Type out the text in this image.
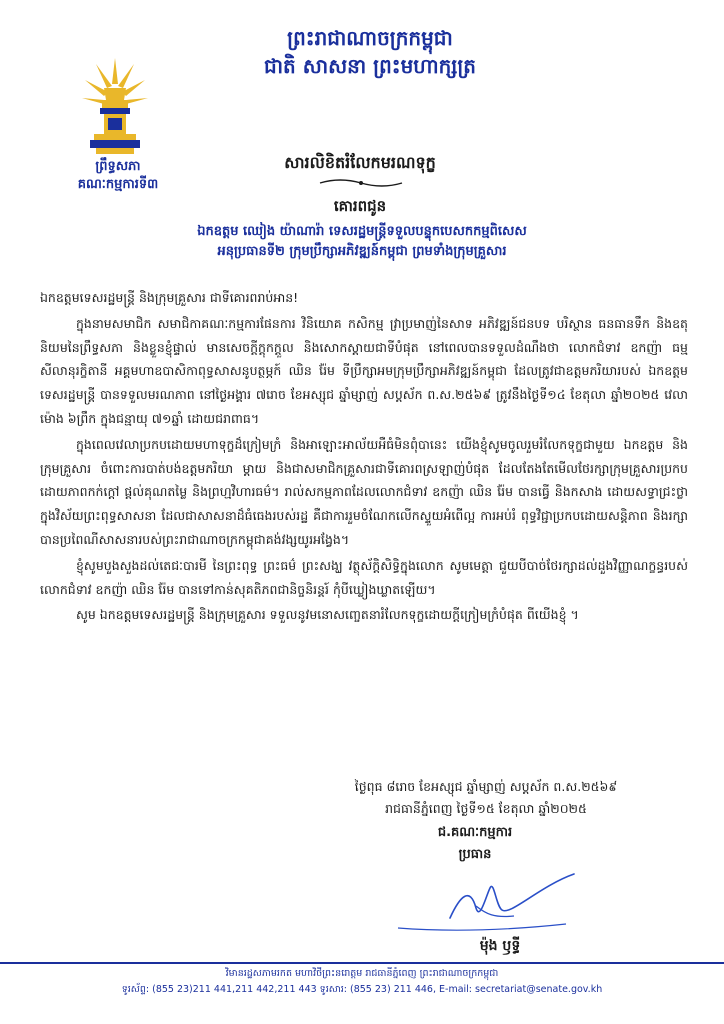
ព្រះរាជាណាចក្រកម្ពុជា
ជាតិ សាសនា ព្រះមហាក្សត្រ
ព្រឹទ្ធសភា
គណៈកម្មការទី៣
សារលិខិតរំលែកមរណទុក្ខ
គោរពជូន
ឯកឧត្តម ឈៀង យ៉ាណារ៉ា ទេសរដ្ឋមន្ត្រីទទួលបន្ទុកបេសកកម្មពិសេស
អនុប្រធានទី២ ក្រុមប្រឹក្សាអភិវឌ្ឍន៍កម្ពុជា ព្រមទាំងក្រុមគ្រួសារ

ឯកឧត្តមទេសរដ្ឋមន្ត្រី និងក្រុមគ្រួសារ ជាទីគោរពរាប់អាន!

ក្នុងនាមសមាជិក សមាជិកាគណៈកម្មការផែនការ វិនិយោគ កសិកម្ម វ្រាប្រមាញ់នៃសាទ អភិវឌ្ឍន៍ជនបទ បរិស្ថាន ធនធានទឹក និងឧតុនិយមនៃព្រឹទ្ធសភា និងខ្លួនខ្ញុំផ្ទាល់ មានសេចក្តីក្តុកក្តួល និងសោកស្តាយជាទីបំផុត នៅពេលបានទទួលដំណឹងថា លោកជំទាវ ឧកញ៉ា ធម្មសីលានុរក្ខិតានី អគ្គមហាឧបាសិកាពុទ្ធសាសនូបត្ថម្ភក៍ ឈិន រ៉ែម ទីប្រឹក្សាអមក្រុមប្រឹក្សាអភិវឌ្ឍន៍កម្ពុជា ដែលត្រូវជាឧត្តមភរិយារបស់ ឯកឧត្តមទេសរដ្ឋមន្ត្រី បានទទួលមរណភាព នៅថ្ងៃអង្គារ ៧រោច ខែអស្សុជ ឆ្នាំម្សាញ់ សប្តស័ក ព.ស.២៥៦៩ ត្រូវនឹងថ្ងៃទី១៤ ខែតុលា ឆ្នាំ២០២៥ វេលាម៉ោង ៦ព្រឹក ក្នុងជន្មាយុ ៧១ឆ្នាំ ដោយជរាពាធ។

ក្នុងពេលវេលាប្រកបដោយមហាទុក្ខដ៏ក្រៀមក្រំ និងអាឡោះអាល័យអឺធំមិនពុំបានេះ យើងខ្ញុំសូមចូលរួមរំលែកទុក្ខជាមួយ ឯកឧត្តម និងក្រុមគ្រួសារ ចំពោះការបាត់បង់ឧត្តមភរិយា ម្តាយ និងជាសមាជិកគ្រួសារជាទីគោរពស្រឡាញ់បំផុត ដែលតែងតែមើលថែរក្សាក្រុមគ្រួសារប្រកបដោយភាពកក់ក្តៅ ផ្តល់គុណតម្លៃ និងព្រហ្មវិហារធម៌។ រាល់សកម្មភាពដែលលោកជំទាវ ឧកញ៉ា ឈិន រ៉ែម បានធ្វើ និងកសាង ដោយសទ្ធាជ្រះថ្លាក្នុងវិស័យព្រះពុទ្ធសាសនា ដែលជាសាសនាដ៏ធំធេងរបស់រដ្ឋ គឺជាការរួមចំណែកលើកស្ទួយអំពើល្អ ការអប់រំ ពុទ្ធវិជ្ជាប្រកបដោយសន្តិភាព និងរក្សាបានប្រពៃណីសាសនារបស់ព្រះរាជាណាចក្រកម្ពុជាគង់វង្សយូរអង្វែង។

ខ្ញុំសូមបួងសួងដល់តេជៈបារមី នៃព្រះពុទ្ធ ព្រះធម៌ ព្រះសង្ឃ វត្ថុស័ក្តិសិទ្ធិក្នុងលោក សូមមេត្តា ជួយបីបាច់ថែរក្សាដល់ដួងវិញ្ញាណក្ខន្ធរបស់ លោកជំទាវ ឧកញ៉ា ឈិន រ៉ែម បានទៅកាន់សុគតិភពជានិច្ចនិរន្តរ៍ កុំបីឃ្លៀងឃ្លាតឡើយ។

សូម ឯកឧត្តមទេសរដ្ឋមន្ត្រី និងក្រុមគ្រួសារ ទទួលនូវមនោសញ្ចេតនារំលែកទុក្ខដោយក្តីក្រៀមក្រំបំផុត ពីយើងខ្ញុំ ។

ថ្ងៃពុធ ៨រោច ខែអស្សុជ ឆ្នាំម្សាញ់ សប្តស័ក ព.ស.២៥៦៩
រាជធានីភ្នំពេញ ថ្ងៃទី១៥ ខែតុលា ឆ្នាំ២០២៥
ជ.គណៈកម្មការ
ប្រធាន
ម៉ុង ឫទ្ធី
វិមានរដ្ឋសភាមរកត មហាវិថីព្រះនរោត្តម រាជធានីភ្នំពេញ ព្រះរាជាណាចក្រកម្ពុជា
ទូរស័ព្ទ: (855 23)211 441,211 442,211 443 ទូរសារ: (855 23) 211 446, E-mail: secretariat@senate.gov.kh
